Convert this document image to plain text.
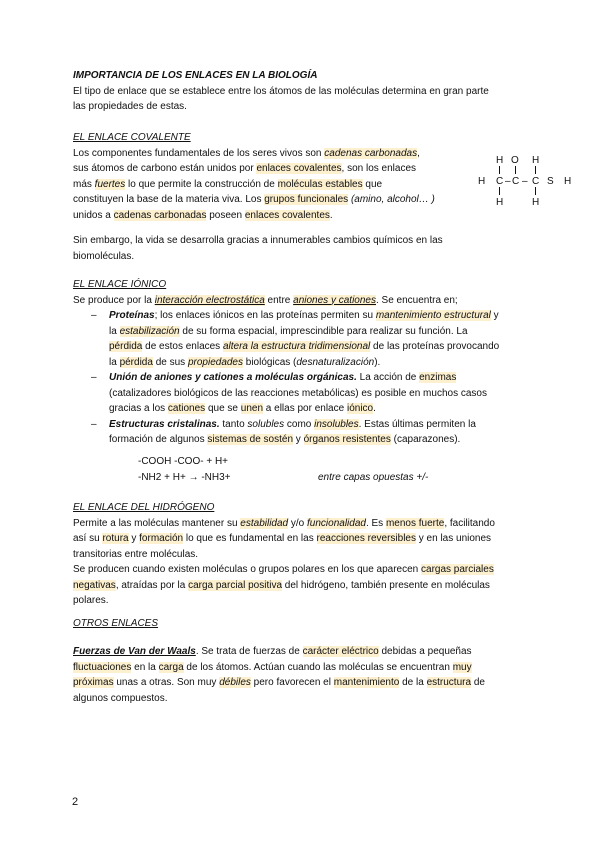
IMPORTANCIA DE LOS ENLACES EN LA BIOLOGÍA
El tipo de enlace que se establece entre los átomos de las moléculas determina en gran parte
las propiedades de estas.
EL ENLACE COVALENTE
Los componentes fundamentales de los seres vivos son cadenas carbonadas,
sus átomos de carbono están unidos por enlaces covalentes, son los enlaces
más fuertes lo que permite la construcción de moléculas estables que
constituyen la base de la materia viva. Los grupos funcionales (amino, alcohol… )
unidos a cadenas carbonadas poseen enlaces covalentes.
H O H
H C – C – C S H
H	H
Sin embargo, la vida se desarrolla gracias a innumerables cambios químicos en las
biomoléculas.
EL ENLACE IÓNICO
Se produce por la interacción electrostática entre aniones y cationes. Se encuentra en;
– Proteínas; los enlaces iónicos en las proteínas permiten su mantenimiento estructural y
la estabilización de su forma espacial, imprescindible para realizar su función. La
pérdida de estos enlaces altera la estructura tridimensional de las proteínas provocando
la pérdida de sus propiedades biológicas (desnaturalización).
– Unión de aniones y cationes a moléculas orgánicas. La acción de enzimas
(catalizadores biológicos de las reacciones metabólicas) es posible en muchos casos
gracias a los cationes que se unen a ellas por enlace iónico.
– Estructuras cristalinas. tanto solubles como insolubles. Estas últimas permiten la
formación de algunos sistemas de sostén y órganos resistentes (caparazones).
-COOH -COO- + H+
-NH2 + H+ → -NH3+	entre capas opuestas +/-
EL ENLACE DEL HIDRÓGENO
Permite a las moléculas mantener su estabilidad y/o funcionalidad. Es menos fuerte, facilitando
así su rotura y formación lo que es fundamental en las reacciones reversibles y en las uniones
transitorias entre moléculas.
Se producen cuando existen moléculas o grupos polares en los que aparecen cargas parciales
negativas, atraídas por la carga parcial positiva del hidrógeno, también presente en moléculas
polares.
OTROS ENLACES
Fuerzas de Van der Waals. Se trata de fuerzas de carácter eléctrico debidas a pequeñas
fluctuaciones en la carga de los átomos. Actúan cuando las moléculas se encuentran muy
próximas unas a otras. Son muy débiles pero favorecen el mantenimiento de la estructura de
algunos compuestos.
2
